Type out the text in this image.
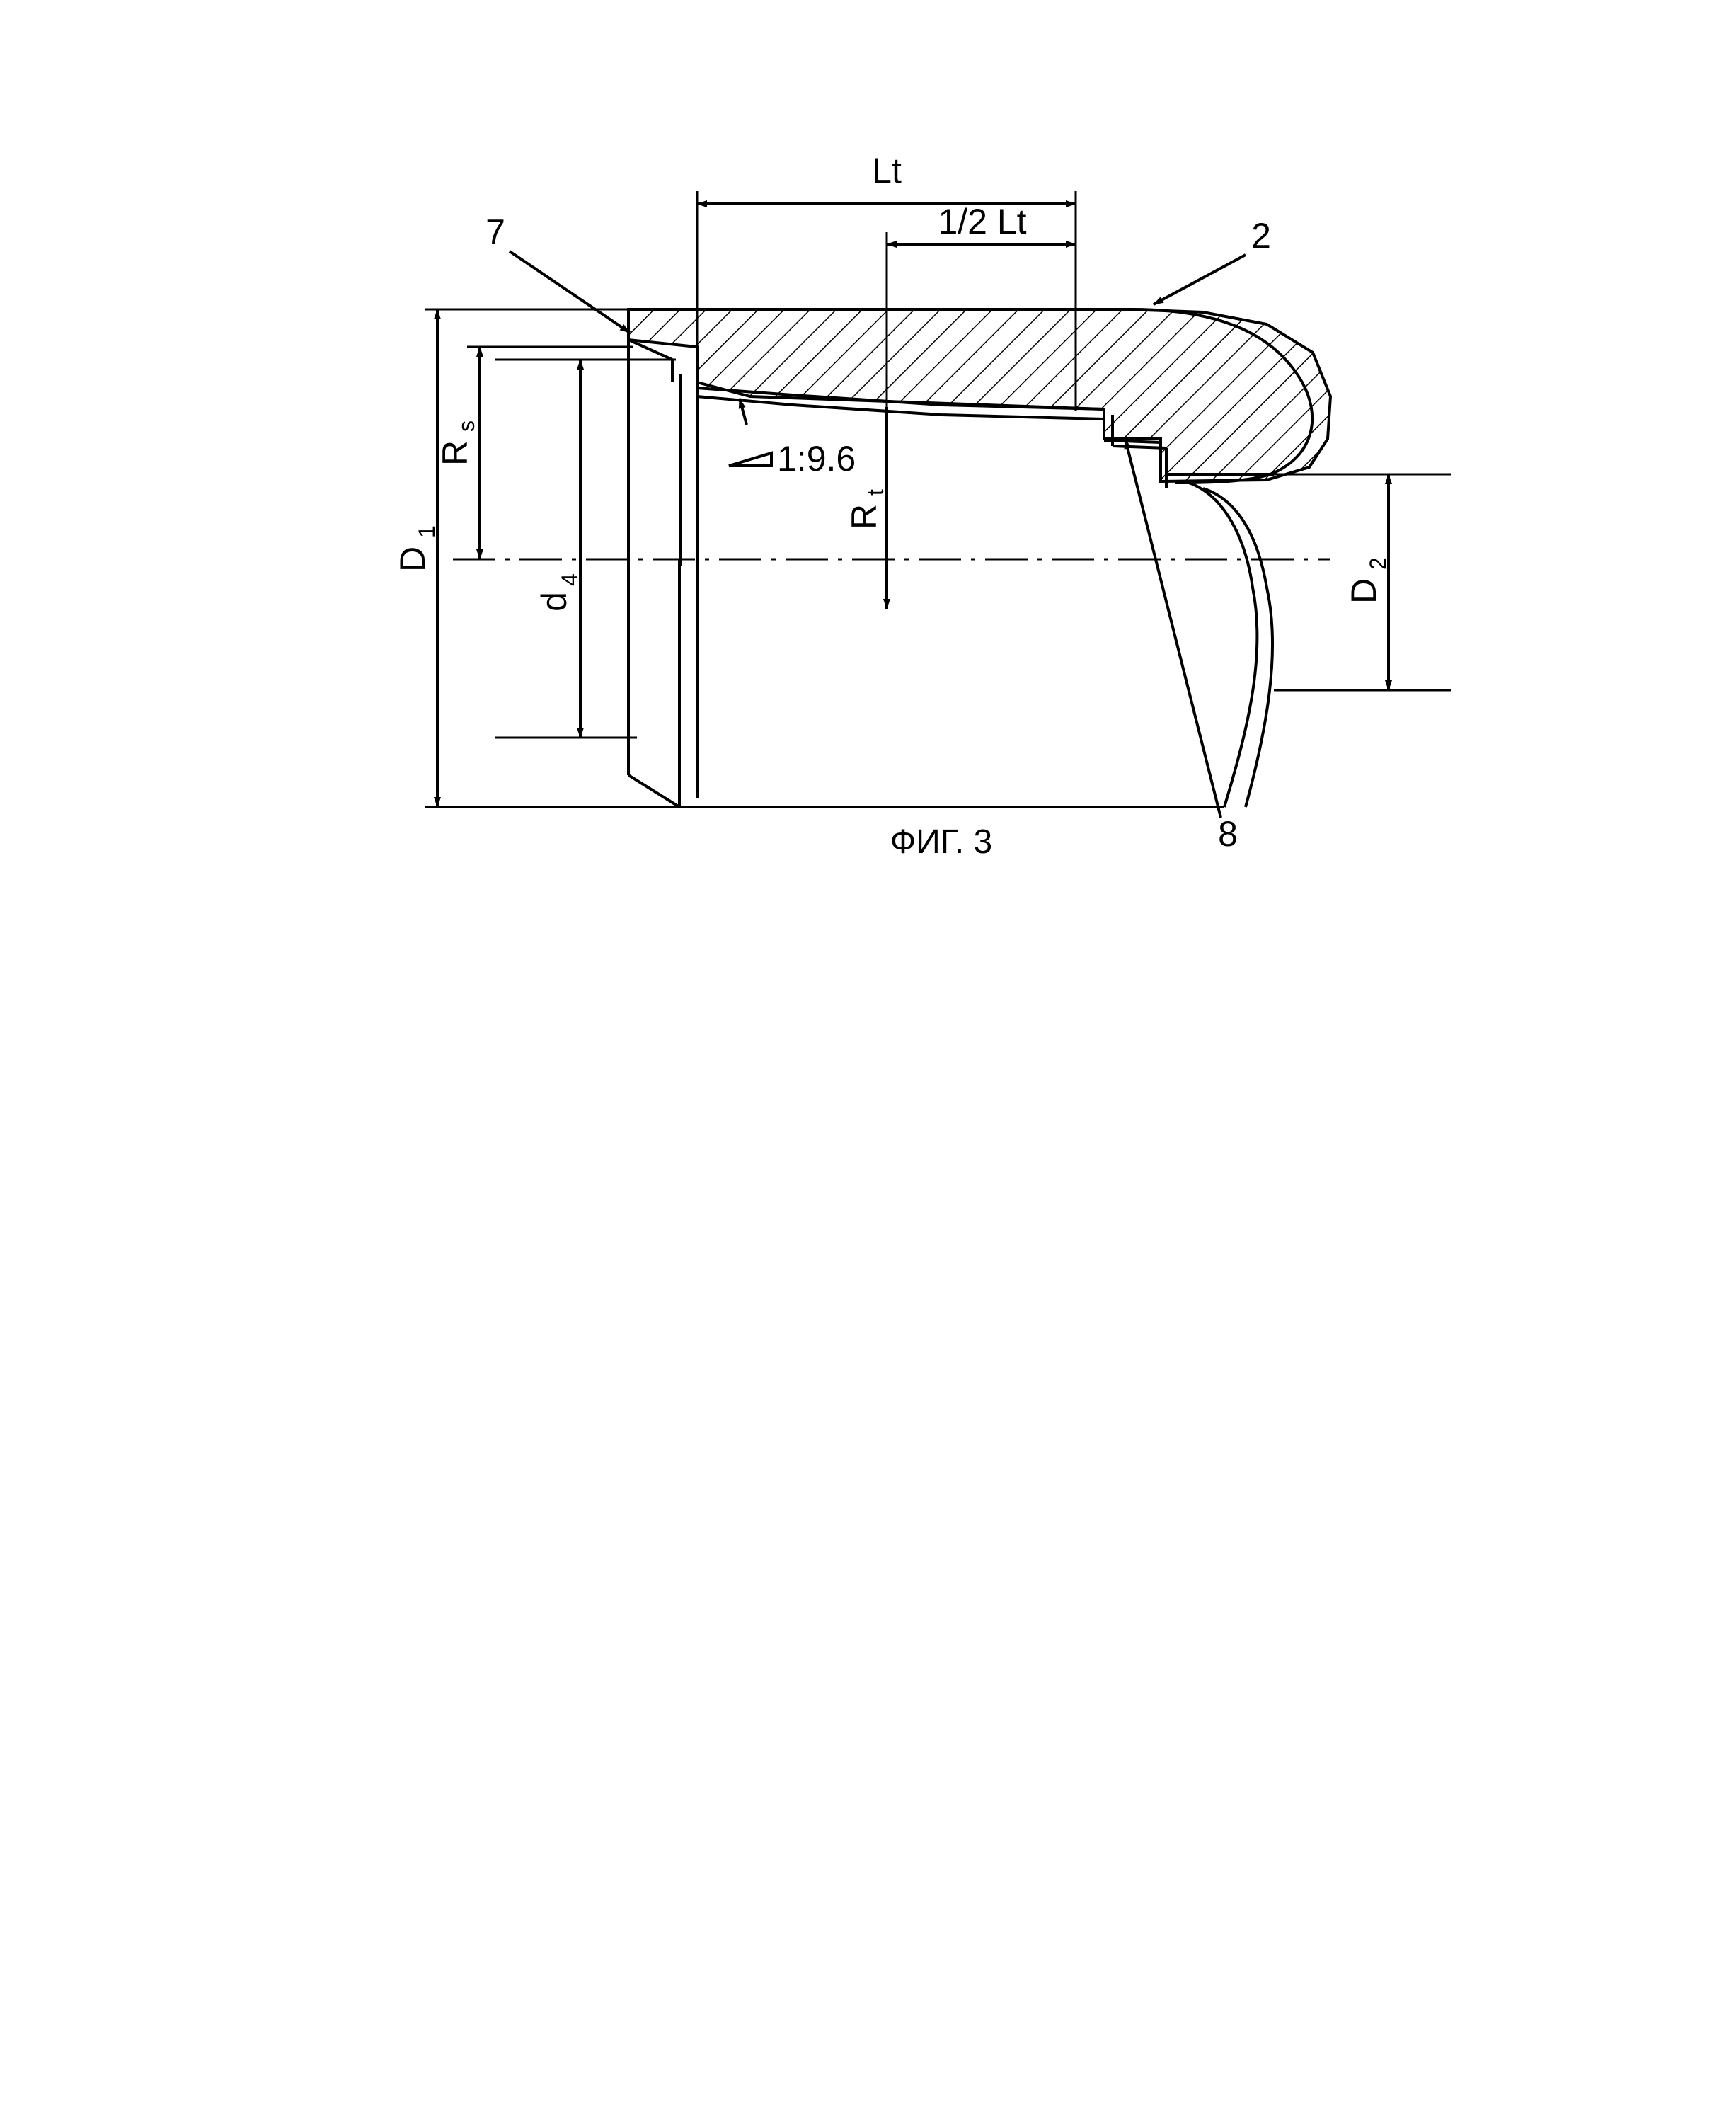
Lt
1/2 Lt
D
1
R
s
d
4
R
t
D
2
1:9.6
7	2
8
ФИГ. 3
